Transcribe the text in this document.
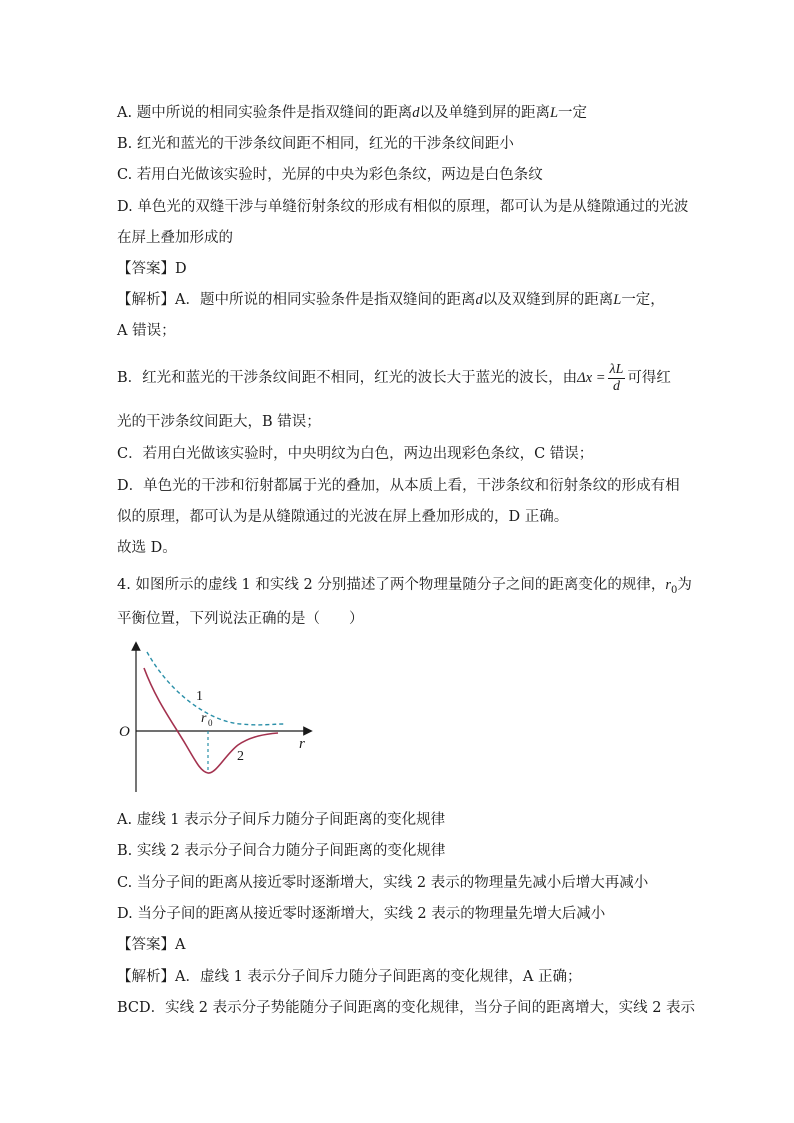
A. 题中所说的相同实验条件是指双缝间的距离d以及单缝到屏的距离L一定
B. 红光和蓝光的干涉条纹间距不相同，红光的干涉条纹间距小
C. 若用白光做该实验时，光屏的中央为彩色条纹，两边是白色条纹
D. 单色光的双缝干涉与单缝衍射条纹的形成有相似的原理，都可认为是从缝隙通过的光波
在屏上叠加形成的
【答案】D
【解析】A．题中所说的相同实验条件是指双缝间的距离d以及双缝到屏的距离L一定，
A 错误；
B．红光和蓝光的干涉条纹间距不相同，红光的波长大于蓝光的波长，由$\Delta x = \frac{\lambda L}{d}$ 可得红
光的干涉条纹间距大，B 错误；
C．若用白光做该实验时，中央明纹为白色，两边出现彩色条纹，C 错误；
D．单色光的干涉和衍射都属于光的叠加，从本质上看，干涉条纹和衍射条纹的形成有相
似的原理，都可认为是从缝隙通过的光波在屏上叠加形成的，D 正确。
故选 D。
4. 如图所示的虚线 1 和实线 2 分别描述了两个物理量随分子之间的距离变化的规律，$r_0$为
平衡位置，下列说法正确的是（　　）
O
r
1
2
r 0
A. 虚线 1 表示分子间斥力随分子间距离的变化规律
B. 实线 2 表示分子间合力随分子间距离的变化规律
C. 当分子间的距离从接近零时逐渐增大，实线 2 表示的物理量先减小后增大再减小
D. 当分子间的距离从接近零时逐渐增大，实线 2 表示的物理量先增大后减小
【答案】A
【解析】A．虚线 1 表示分子间斥力随分子间距离的变化规律，A 正确；
BCD．实线 2 表示分子势能随分子间距离的变化规律，当分子间的距离增大，实线 2 表示
